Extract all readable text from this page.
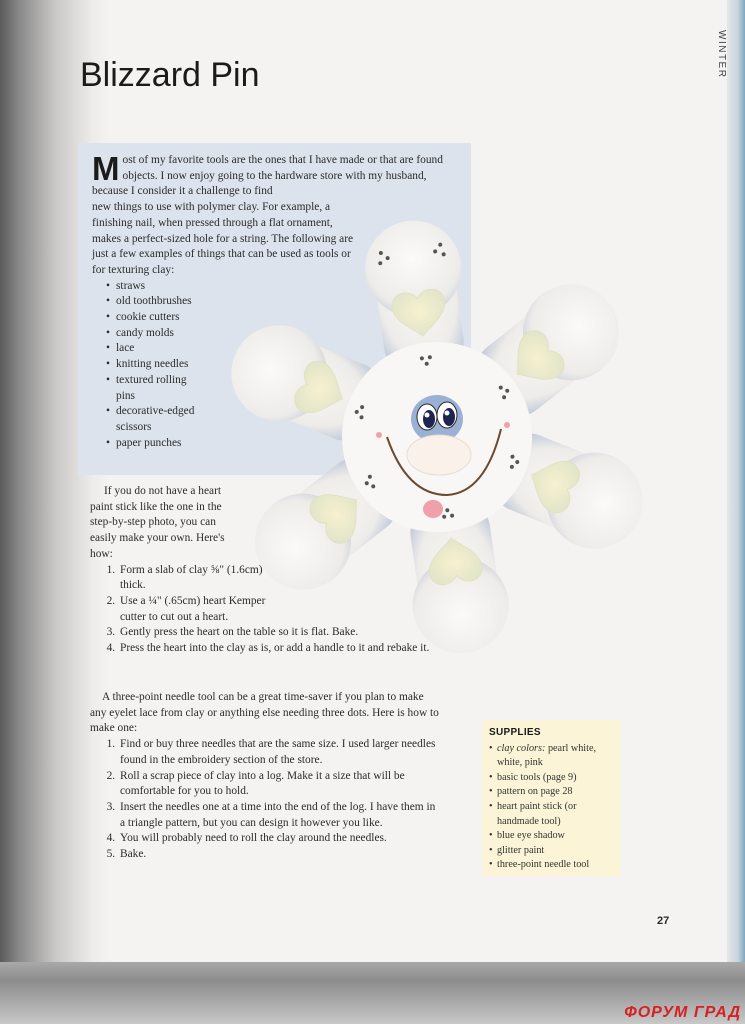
WINTER
Blizzard Pin

Most of my favorite tools are the ones that I have made or that are found objects. I now enjoy going to the hardware store with my husband, because I consider it a challenge to find
new things to use with polymer clay. For example, a finishing nail, when pressed through a flat ornament, makes a perfect-sized hole for a string. The following are just a few examples of things that can be used as tools or for texturing clay:

• straws
• old toothbrushes
• cookie cutters
• candy molds
• lace
• knitting needles
• textured rolling pins
• decorative-edged scissors
• paper punches

If you do not have a heart paint stick like the one in the step-by-step photo, you can easily make your own. Here's how:

1. Form a slab of clay ⅝" (1.6cm) thick.
2. Use a ¼" (.65cm) heart Kemper cutter to cut out a heart.
3. Gently press the heart on the table so it is flat. Bake.
4. Press the heart into the clay as is, or add a handle to it and rebake it.

A three-point needle tool can be a great time-saver if you plan to make any eyelet lace from clay or anything else needing three dots. Here is how to make one:

1. Find or buy three needles that are the same size. I used larger needles found in the embroidery section of the store.
2. Roll a scrap piece of clay into a log. Make it a size that will be comfortable for you to hold.
3. Insert the needles one at a time into the end of the log. I have them in a triangle pattern, but you can design it however you like.
4. You will probably need to roll the clay around the needles.
5. Bake.
SUPPLIES
• clay colors: pearl white, white, pink
• basic tools (page 9)
• pattern on page 28
• heart paint stick (or handmade tool)
• blue eye shadow
• glitter paint
• three-point needle tool
27
ФОРУМ ГРАД
